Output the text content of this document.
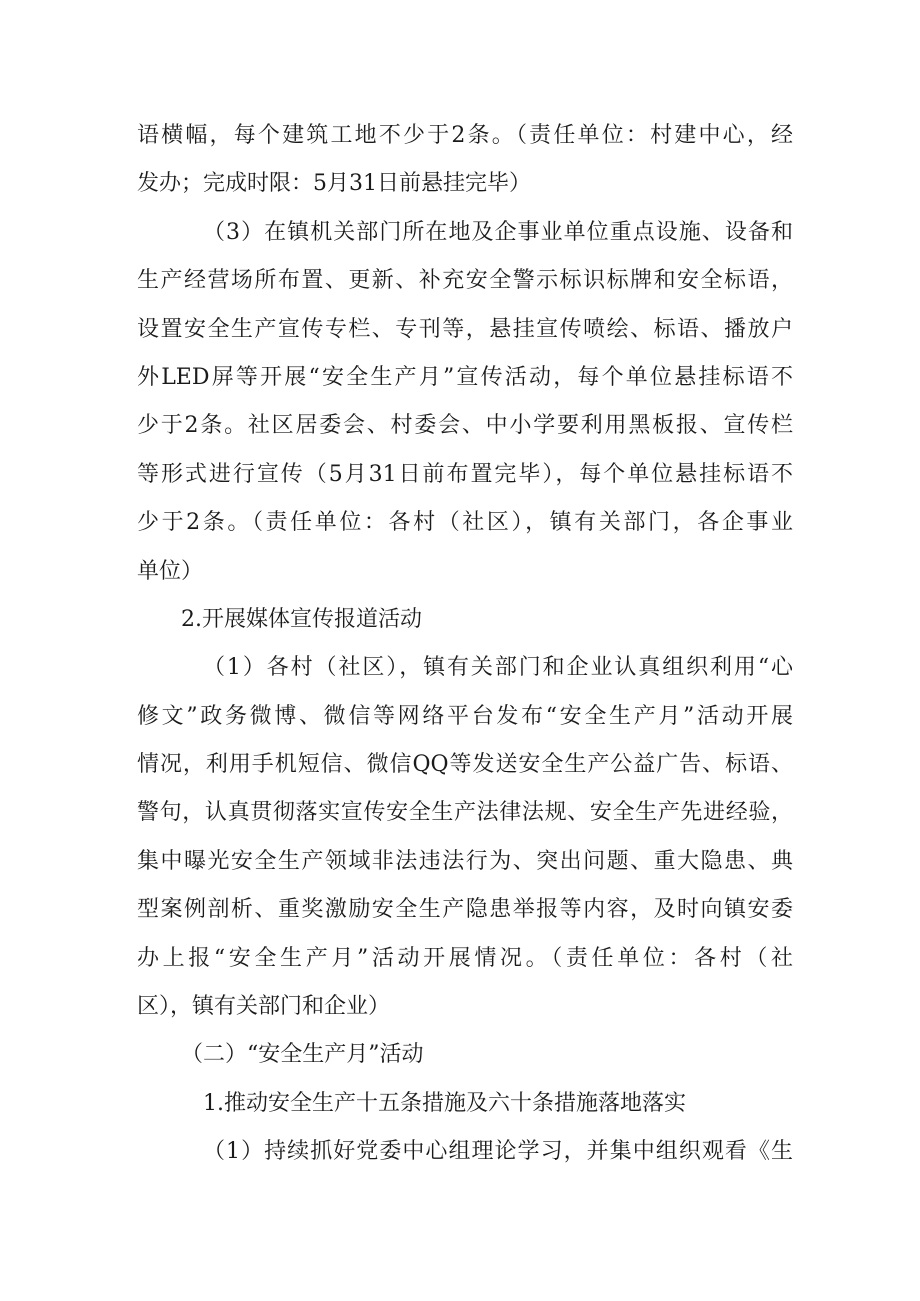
语横幅，每个建筑工地不少于2条。（责任单位：村建中心，经
发办；完成时限：5月31日前悬挂完毕）
（3）在镇机关部门所在地及企事业单位重点设施、设备和
生产经营场所布置、更新、补充安全警示标识标牌和安全标语，
设置安全生产宣传专栏、专刊等，悬挂宣传喷绘、标语、播放户
外LED屏等开展“安全生产月”宣传活动，每个单位悬挂标语不
少于2条。社区居委会、村委会、中小学要利用黑板报、宣传栏
等形式进行宣传（5月31日前布置完毕），每个单位悬挂标语不
少于2条。（责任单位：各村（社区），镇有关部门，各企事业
单位）
2.开展媒体宣传报道活动
（1）各村（社区），镇有关部门和企业认真组织利用“心
修文”政务微博、微信等网络平台发布“安全生产月”活动开展
情况，利用手机短信、微信QQ等发送安全生产公益广告、标语、
警句，认真贯彻落实宣传安全生产法律法规、安全生产先进经验，
集中曝光安全生产领域非法违法行为、突出问题、重大隐患、典
型案例剖析、重奖激励安全生产隐患举报等内容，及时向镇安委
办上报“安全生产月”活动开展情况。（责任单位：各村（社
区），镇有关部门和企业）
（二）“安全生产月”活动
1.推动安全生产十五条措施及六十条措施落地落实
（1）持续抓好党委中心组理论学习，并集中组织观看《生
